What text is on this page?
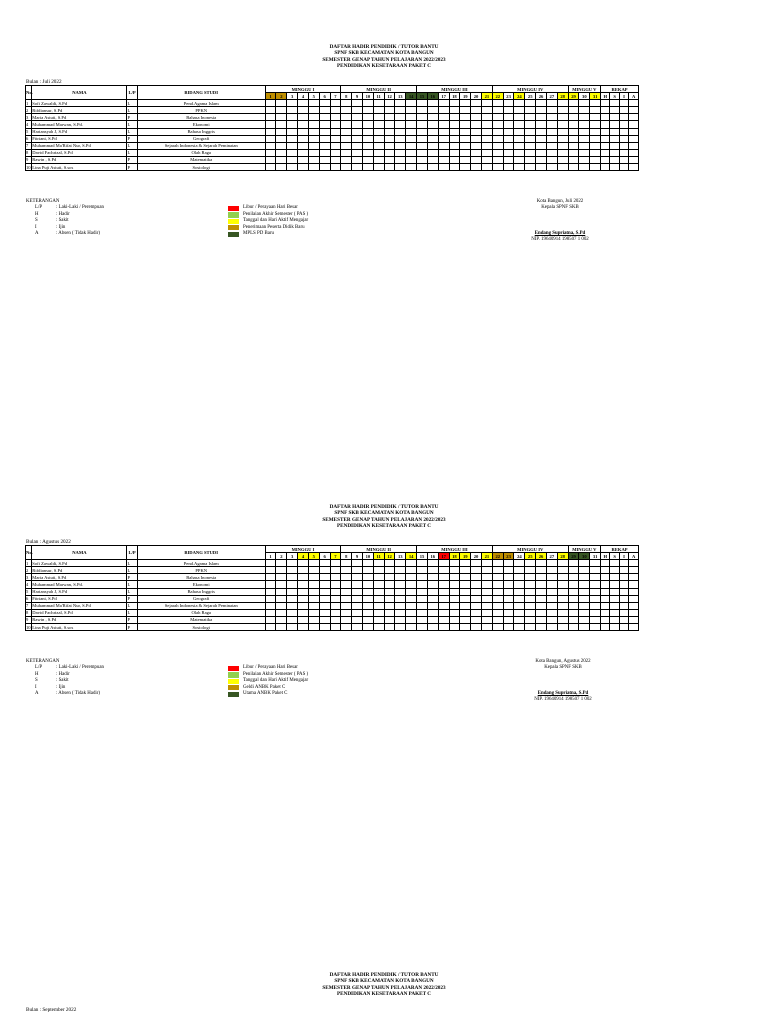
DAFTAR HADIR PENDIDIK / TUTOR BANTU
SPNF SKB KECAMATAN KOTA BANGUN
SEMESTER GENAP TAHUN PELAJARAN 2022/2023
PENDIDIKAN KESETARAAN PAKET C
Bulan : Juli 2022
No.	NAMA	L/P	BIDANG STUDI	MINGGU I							MINGGU II							MINGGU III							MINGGU IV							MINGGU V			REKAP			
				1	2	3	4	5	6	7	8	9	10	11	12	13	14	15	16	17	18	19	20	21	22	23	24	25	26	27	28	29	30	31	H	S	I	A
1	Sofi Zawaldi, S.Pd	L	Pend.Agama Islam																																			
2	Rifdiansur, S.Pd	L	PPKN																																			
3	Maria Astuti, S.Pd	P	Bahasa Inonesia																																			
4	Muhammad Marwan, S.Pd.	L	Ekonomi																																			
5	Hariansyah J, S.Pd	L	Bahasa Inggris																																			
6	Fitriani, S.Pd	P	Geografi																																			
7	Muhammad Ma'Rifat Nur, S.Pd	L	Sejarah Indonesia & Sejarah Peminatan																																			
8	David Fachrizal, S.Pd	L	Olah Raga																																			
9	Rawin , S.Pd	P	Matematika																																			
10	Lina Puji Astuti, S.sos	P	Sosiologi																																			
KETERANGAN
L/P	: Laki-Laki / Perempuan
H	: Hadir
S	: Sakit
I	: Ijin
A	: Absen ( Tidak Hadir)
Libur / Perayaan Hari Besar
Penilaian Akhir Semester ( PAS )
Tanggal dan Hari Aktif Mengajar
Penerimaan Peserta Didik Baru
MPLS PD Baru
Kota Bangun, Juli 2022
Kepala SPNF SKB
Endang Supriatna, S.Pd
NIP. 19640914 198507 1 002
DAFTAR HADIR PENDIDIK / TUTOR BANTU
SPNF SKB KECAMATAN KOTA BANGUN
SEMESTER GENAP TAHUN PELAJARAN 2022/2023
PENDIDIKAN KESETARAAN PAKET C
Bulan : Agustus 2022
No.	NAMA	L/P	BIDANG STUDI	MINGGU I							MINGGU II							MINGGU III							MINGGU IV							MINGGU V			REKAP			
				1	2	3	4	5	6	7	8	9	10	11	12	13	14	15	16	17	18	19	20	21	22	23	24	25	26	27	28	29	30	31	H	S	I	A
1	Sofi Zawaldi, S.Pd	L	Pend.Agama Islam																																			
2	Rifdiansur, S.Pd	L	PPKN																																			
3	Maria Astuti, S.Pd	P	Bahasa Inonesia																																			
4	Muhammad Marwan, S.Pd.	L	Ekonomi																																			
5	Hariansyah J, S.Pd	L	Bahasa Inggris																																			
6	Fitriani, S.Pd	P	Geografi																																			
7	Muhammad Ma'Rifat Nur, S.Pd	L	Sejarah Indonesia & Sejarah Peminatan																																			
8	David Fachrizal, S.Pd	L	Olah Raga																																			
9	Rawin , S.Pd	P	Matematika																																			
10	Lina Puji Astuti, S.sos	P	Sosiologi																																			
KETERANGAN
L/P	: Laki-Laki / Perempuan
H	: Hadir
S	: Sakit
I	: Ijin
A	: Absen ( Tidak Hadir)
Libur / Perayaan Hari Besar
Penilaian Akhir Semester ( PAS )
Tanggal dan Hari Aktif Mengajar
Geldi ANBK Paket C
Utama ANBK Paket C
Kota Bangun, Agustus 2022
Kepala SPNF SKB
Endang Supriatna, S.Pd
NIP. 19640914 198507 1 002
DAFTAR HADIR PENDIDIK / TUTOR BANTU
SPNF SKB KECAMATAN KOTA BANGUN
SEMESTER GENAP TAHUN PELAJARAN 2022/2023
PENDIDIKAN KESETARAAN PAKET C
Bulan : September 2022
